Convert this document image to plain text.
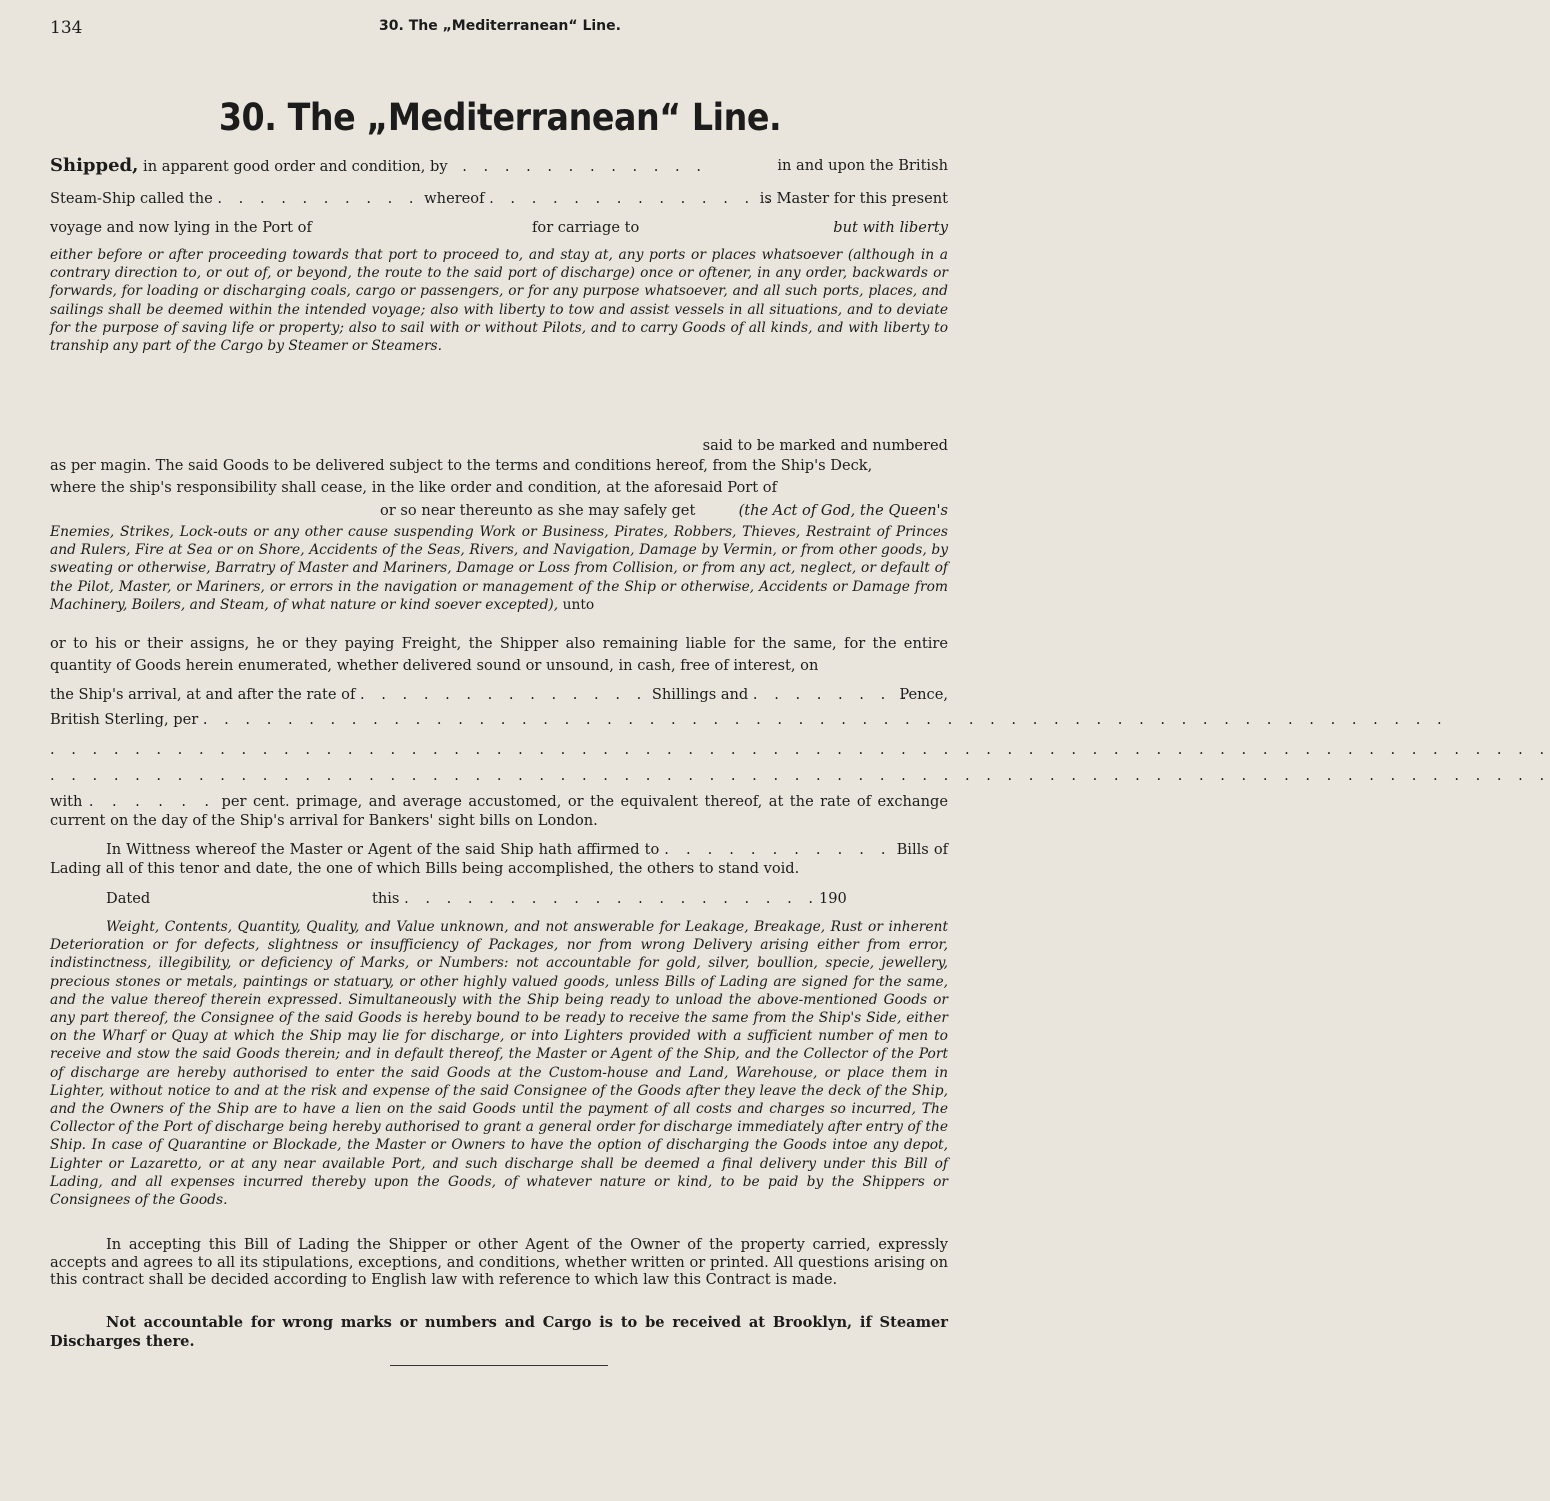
134	30. The „Mediterranean“ Line.
30. The „Mediterranean“ Line.
Shipped, in apparent good order and condition, by . . . . . . . . . . . .	in and upon the British
Steam-Ship called the . . . . . . . . . . whereof . . . . . . . . . . . . . . .
is Master for this present
voyage and now lying in the Port of	for carriage to	but with liberty
either before or after proceeding towards that port to proceed to, and stay at, any ports or places whatsoever (although in a contrary direction to, or out of, or beyond, the route to the said port of discharge) once or oftener, in any order, backwards or forwards, for loading or discharging coals, cargo or passengers, or for any purpose whatsoever, and all such ports, places, and sailings shall be deemed within the intended voyage; also with liberty to tow and assist vessels in all situations, and to deviate for the purpose of saving life or property; also to sail with or without Pilots, and to carry Goods of all kinds, and with liberty to tranship any part of the Cargo by Steamer or Steamers.
said to be marked and numbered
as per magin. The said Goods to be delivered subject to the terms and conditions hereof, from the Ship's Deck,
where the ship's responsibility shall cease, in the like order and condition, at the aforesaid Port of
or so near thereunto as she may safely get	(the Act of God, the Queen's
Enemies, Strikes, Lock-outs or any other cause suspending Work or Business, Pirates, Robbers, Thieves, Restraint of Princes and Rulers, Fire at Sea or on Shore, Accidents of the Seas, Rivers, and Navigation, Damage by Vermin, or from other goods, by sweating or otherwise, Barratry of Master and Mariners, Damage or Loss from Collision, or from any act, neglect, or default of the Pilot, Master, or Mariners, or errors in the navigation or management of the Ship or otherwise, Accidents or Damage from Machinery, Boilers, and Steam, of what nature or kind soever excepted), unto
or to his or their assigns, he or they paying Freight, the Shipper also remaining liable for the same, for the entire quantity of Goods herein enumerated, whether delivered sound or unsound, in cash, free of interest, on
the Ship's arrival, at and after the rate of . . . . . . . . . . . . . . Shillings and . . . . . . . .
Pence,
British Sterling, per . . . . . . . . . . . . . . . . . . . . . . . . . . . . . . . . . . . . . . . . . . . . . . . . . . . . . . . . . . .
. . . . . . . . . . . . . . . . . . . . . . . . . . . . . . . . . . . . . . . . . . . . . . . . . . . . . . . . . . . . . . . . . . . . . . .
. . . . . . . . . . . . . . . . . . . . . . . . . . . . . . . . . . . . . . . . . . . . . . . . . . . . . . . . . . . . . . . . . . . . . . .
with . . . . . . per cent. primage, and average accustomed, or the equivalent thereof, at the rate of exchange current on the day of the Ship's arrival for Bankers' sight bills on London.
In Wittness whereof the Master or Agent of the said Ship hath affirmed to . . . . . . . . . . . Bills of Lading all of this tenor and date, the one of which Bills being accomplished, the others to stand void.
Dated	this . . . . . . . . . . . . . . . . . . . .190
Weight, Contents, Quantity, Quality, and Value unknown, and not answerable for Leakage, Breakage, Rust or inherent Deterioration or for defects, slightness or insufficiency of Packages, nor from wrong Delivery arising either from error, indistinctness, illegibility, or deficiency of Marks, or Numbers: not accountable for gold, silver, boullion, specie, jewellery, precious stones or metals, paintings or statuary, or other highly valued goods, unless Bills of Lading are signed for the same, and the value thereof therein expressed. Simultaneously with the Ship being ready to unload the above-mentioned Goods or any part thereof, the Consignee of the said Goods is hereby bound to be ready to receive the same from the Ship's Side, either on the Wharf or Quay at which the Ship may lie for discharge, or into Lighters provided with a sufficient number of men to receive and stow the said Goods therein; and in default thereof, the Master or Agent of the Ship, and the Collector of the Port of discharge are hereby authorised to enter the said Goods at the Custom-house and Land, Warehouse, or place them in Lighter, without notice to and at the risk and expense of the said Consignee of the Goods after they leave the deck of the Ship, and the Owners of the Ship are to have a lien on the said Goods until the payment of all costs and charges so incurred, The Collector of the Port of discharge being hereby authorised to grant a general order for discharge immediately after entry of the Ship. In case of Quarantine or Blockade, the Master or Owners to have the option of discharging the Goods intoe any depot, Lighter or Lazaretto, or at any near available Port, and such discharge shall be deemed a final delivery under this Bill of Lading, and all expenses incurred thereby upon the Goods, of whatever nature or kind, to be paid by the Shippers or Consignees of the Goods.
In accepting this Bill of Lading the Shipper or other Agent of the Owner of the property carried, expressly accepts and agrees to all its stipulations, exceptions, and conditions, whether written or printed. All questions arising on this contract shall be decided according to English law with reference to which law this Contract is made.
Not accountable for wrong marks or numbers and Cargo is to be received at Brooklyn, if Steamer Discharges there.
